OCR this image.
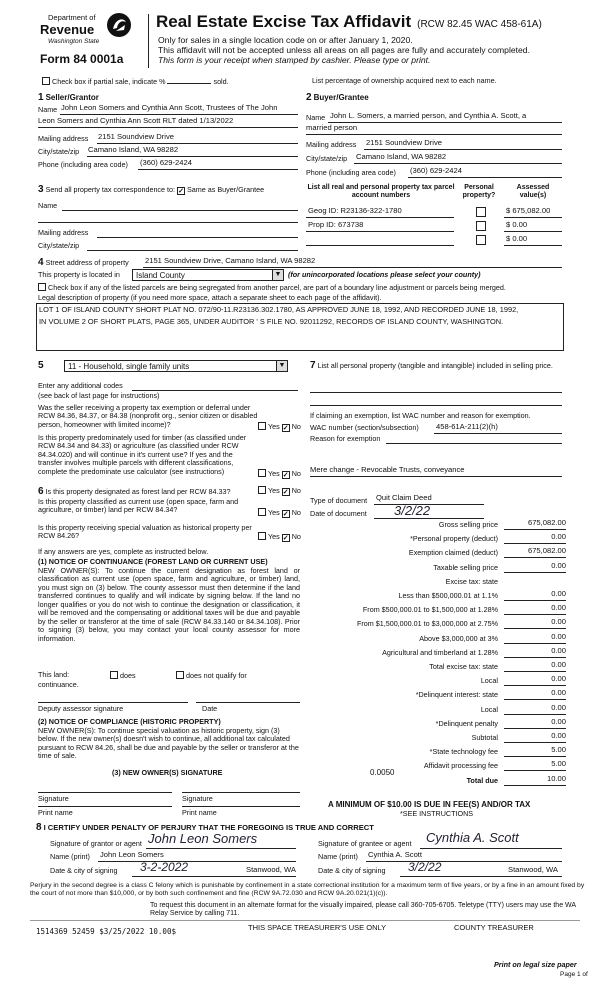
Department of
Revenue
Washington State
Form 84 0001a
Real Estate Excise Tax Affidavit (RCW 82.45 WAC 458-61A)
Only for sales in a single location code on or after January 1, 2020.
This affidavit will not be accepted unless all areas on all pages are fully and accurately completed.
This form is your receipt when stamped by cashier. Please type or print.
Check box if partial sale, indicate %	sold.	List percentage of ownership acquired next to each name.
1 Seller/Grantor
Name John Leon Somers and Cynthia Ann Scott, Trustees of The John
Leon Somers and Cynthia Ann Scott RLT dated 1/13/2022
Mailing address 2151 Soundview Drive
City/state/zip Camano Island, WA 98282
Phone (including area code) (360) 629-2424
2 Buyer/Grantee
Name John L. Somers, a married person, and Cynthia A. Scott, a
married person
Mailing address 2151 Soundview Drive
City/state/zip Camano Island, WA 98282
Phone (including area code) (360) 629-2424
3 Send all property tax correspondence to: ✓ Same as Buyer/Grantee
Name
Mailing address
City/state/zip
List all real and personal property tax parcel account numbers
Personal property?
Assessed value(s)
Geog ID: R23136-322-1780	$ 675,082.00
Prop ID: 673738	$ 0.00
$ 0.00
4 Street address of property 2151 Soundview Drive, Camano Island, WA 98282
This property is located in	Island County	▼ (for unincorporated locations please select your county)
Check box if any of the listed parcels are being segregated from another parcel, are part of a boundary line adjustment or parcels being merged.
Legal description of property (if you need more space, attach a separate sheet to each page of the affidavit).
LOT 1 OF ISLAND COUNTY SHORT PLAT NO. 072/90-11.R23136.302.1780, AS APPROVED JUNE 18, 1992, AND RECORDED JUNE 18, 1992,
IN VOLUME 2 OF SHORT PLATS, PAGE 365, UNDER AUDITOR ' S FILE NO. 92011292, RECORDS OF ISLAND COUNTY, WASHINGTON.
5	11 - Household, single family units	▼
Enter any additional codes
(see back of last page for instructions)
Was the seller receiving a property tax exemption or deferral under RCW 84.36, 84.37, or 84.38 (nonprofit org., senior citizen or disabled person, homeowner with limited income)?	Yes ✓ No
Is this property predominately used for timber (as classified under RCW 84.34 and 84.33) or agriculture (as classified under RCW 84.34.020) and will continue in it's current use? If yes and the transfer involves multiple parcels with different classifications, complete the predominate use calculator (see instructions)	Yes ✓ No
7 List all personal property (tangible and intangible) included in selling price.
If claiming an exemption, list WAC number and reason for exemption.
WAC number (section/subsection) 458-61A-211(2)(h)
Reason for exemption
Mere change - Revocable Trusts, conveyance
6 Is this property designated as forest land per RCW 84.33?	Yes ✓ No
Is this property classified as current use (open space, farm and agriculture, or timber) land per RCW 84.34?	Yes ✓ No
Is this property receiving special valuation as historical property per RCW 84.26?	Yes ✓ No
If any answers are yes, complete as instructed below.
(1) NOTICE OF CONTINUANCE (FOREST LAND OR CURRENT USE)
NEW OWNER(S): To continue the current designation as forest land or classification as current use (open space, farm and agriculture, or timber) land, you must sign on (3) below. The county assessor must then determine if the land transferred continues to qualify and will indicate by signing below. If the land no longer qualifies or you do not wish to continue the designation or classification, it will be removed and the compensating or additional taxes will be due and payable by the seller or transferor at the time of sale (RCW 84.33.140 or 84.34.108). Prior to signing (3) below, you may contact your local county assessor for more information.
This land:	does	does not qualify for
continuance.
Deputy assessor signature	Date
(2) NOTICE OF COMPLIANCE (HISTORIC PROPERTY)
NEW OWNER(S): To continue special valuation as historic property, sign (3) below. If the new owner(s) doesn't wish to continue, all additional tax calculated pursuant to RCW 84.26, shall be due and payable by the seller or transferor at the time of sale.
(3) NEW OWNER(S) SIGNATURE
Signature	Signature
Print name	Print name
Type of document Quit Claim Deed
Date of document 3/2/22
Gross selling price	675,082.00
*Personal property (deduct)	0.00
Exemption claimed (deduct)	675,082.00
Taxable selling price	0.00
Excise tax: state
Less than $500,000.01 at 1.1%	0.00
From $500,000.01 to $1,500,000 at 1.28%	0.00
From $1,500,000.01 to $3,000,000 at 2.75%	0.00
Above $3,000,000 at 3%	0.00
Agricultural and timberland at 1.28%	0.00
Total excise tax: state	0.00
Local	0.00
*Delinquent interest: state	0.00
Local	0.00
*Delinquent penalty	0.00
Subtotal	0.00
*State technology fee	5.00
Affidavit processing fee	5.00
Total due	10.00
0.0050
A MINIMUM OF $10.00 IS DUE IN FEE(S) AND/OR TAX
*SEE INSTRUCTIONS
8 I CERTIFY UNDER PENALTY OF PERJURY THAT THE FOREGOING IS TRUE AND CORRECT
Signature of grantor or agent John Leon Somers
Name (print) John Leon Somers
Date & city of signing 3-2-2022	Stanwood, WA
Signature of grantee or agent Cynthia A. Scott
Name (print) Cynthia A. Scott
Date & city of signing 3/2/22	Stanwood, WA
Perjury in the second degree is a class C felony which is punishable by confinement in a state correctional institution for a maximum term of five years, or by a fine in an amount fixed by the court of not more than $10,000, or by both such confinement and fine (RCW 9A.72.030 and RCW 9A.20.021(1)(c)).
To request this document in an alternate format for the visually impaired, please call 360-705-6705. Teletype (TTY) users may use the WA Relay Service by calling 711.
THIS SPACE TREASURER'S USE ONLY	COUNTY TREASURER
1514369 52459 $3/25/2022 10.00$
Print on legal size paper
Page 1 of
